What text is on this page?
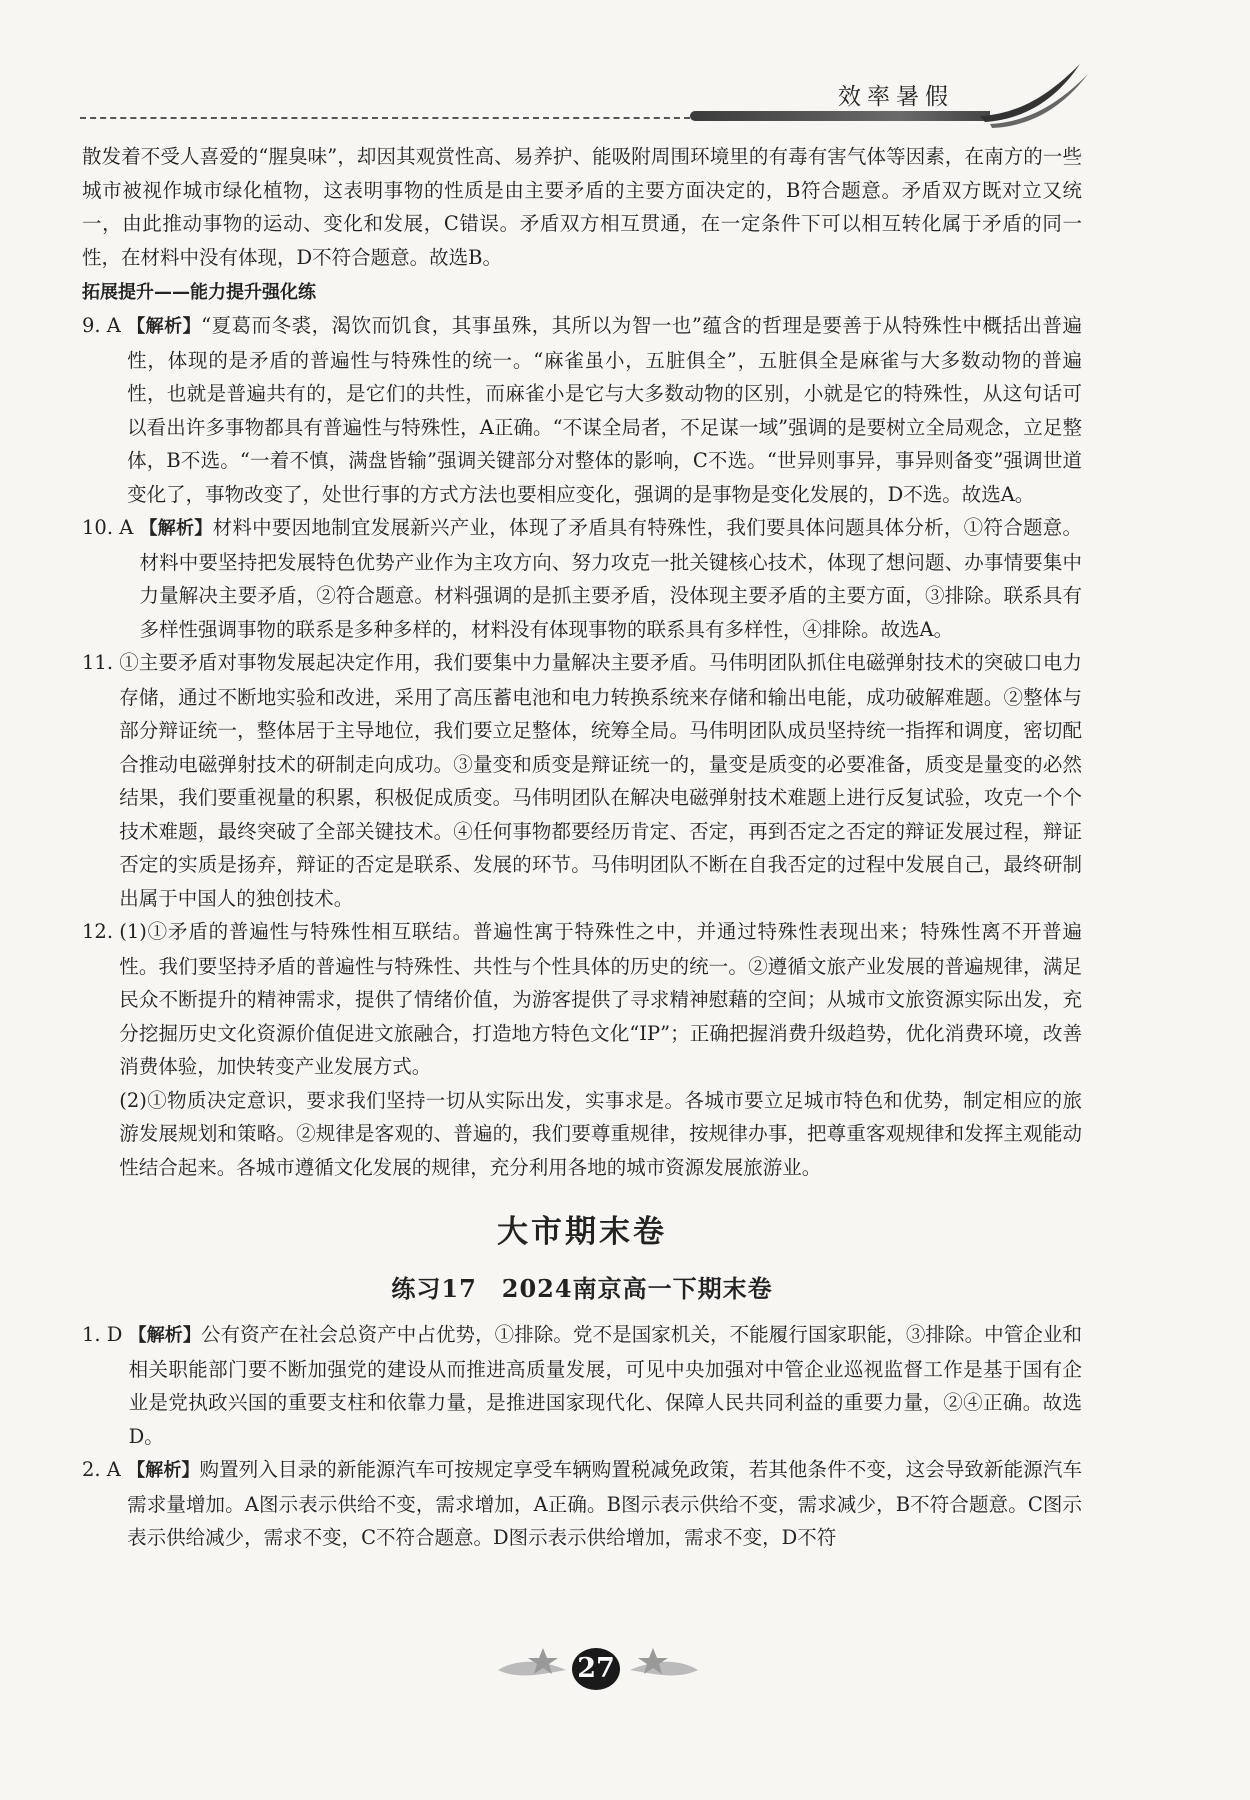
效率暑假

散发着不受人喜爱的“腥臭味”，却因其观赏性高、易养护、能吸附周围环境里的有毒有害气体等因素，在南方的一些城市被视作城市绿化植物，这表明事物的性质是由主要矛盾的主要方面决定的，B符合题意。矛盾双方既对立又统一，由此推动事物的运动、变化和发展，C错误。矛盾双方相互贯通，在一定条件下可以相互转化属于矛盾的同一性，在材料中没有体现，D不符合题意。故选B。

拓展提升——能力提升强化练
9. A 【解析】“夏葛而冬裘，渴饮而饥食，其事虽殊，其所以为智一也”蕴含的哲理是要善于从特殊性中概括出普遍性，体现的是矛盾的普遍性与特殊性的统一。“麻雀虽小，五脏俱全”，五脏俱全是麻雀与大多数动物的普遍性，也就是普遍共有的，是它们的共性，而麻雀小是它与大多数动物的区别，小就是它的特殊性，从这句话可以看出许多事物都具有普遍性与特殊性，A正确。“不谋全局者，不足谋一域”强调的是要树立全局观念，立足整体，B不选。“一着不慎，满盘皆输”强调关键部分对整体的影响，C不选。“世异则事异，事异则备变”强调世道变化了，事物改变了，处世行事的方式方法也要相应变化，强调的是事物是变化发展的，D不选。故选A。
10. A 【解析】材料中要因地制宜发展新兴产业，体现了矛盾具有特殊性，我们要具体问题具体分析，①符合题意。材料中要坚持把发展特色优势产业作为主攻方向、努力攻克一批关键核心技术，体现了想问题、办事情要集中力量解决主要矛盾，②符合题意。材料强调的是抓主要矛盾，没体现主要矛盾的主要方面，③排除。联系具有多样性强调事物的联系是多种多样的，材料没有体现事物的联系具有多样性，④排除。故选A。
11. ①主要矛盾对事物发展起决定作用，我们要集中力量解决主要矛盾。马伟明团队抓住电磁弹射技术的突破口电力存储，通过不断地实验和改进，采用了高压蓄电池和电力转换系统来存储和输出电能，成功破解难题。②整体与部分辩证统一，整体居于主导地位，我们要立足整体，统筹全局。马伟明团队成员坚持统一指挥和调度，密切配合推动电磁弹射技术的研制走向成功。③量变和质变是辩证统一的，量变是质变的必要准备，质变是量变的必然结果，我们要重视量的积累，积极促成质变。马伟明团队在解决电磁弹射技术难题上进行反复试验，攻克一个个技术难题，最终突破了全部关键技术。④任何事物都要经历肯定、否定，再到否定之否定的辩证发展过程，辩证否定的实质是扬弃，辩证的否定是联系、发展的环节。马伟明团队不断在自我否定的过程中发展自己，最终研制出属于中国人的独创技术。
12. (1)①矛盾的普遍性与特殊性相互联结。普遍性寓于特殊性之中，并通过特殊性表现出来；特殊性离不开普遍性。我们要坚持矛盾的普遍性与特殊性、共性与个性具体的历史的统一。②遵循文旅产业发展的普遍规律，满足民众不断提升的精神需求，提供了情绪价值，为游客提供了寻求精神慰藉的空间；从城市文旅资源实际出发，充分挖掘历史文化资源价值促进文旅融合，打造地方特色文化“IP”；正确把握消费升级趋势，优化消费环境，改善消费体验，加快转变产业发展方式。

(2)①物质决定意识，要求我们坚持一切从实际出发，实事求是。各城市要立足城市特色和优势，制定相应的旅游发展规划和策略。②规律是客观的、普遍的，我们要尊重规律，按规律办事，把尊重客观规律和发挥主观能动性结合起来。各城市遵循文化发展的规律，充分利用各地的城市资源发展旅游业。

大市期末卷
练习17　2024南京高一下期末卷
1. D 【解析】公有资产在社会总资产中占优势，①排除。党不是国家机关，不能履行国家职能，③排除。中管企业和相关职能部门要不断加强党的建设从而推进高质量发展，可见中央加强对中管企业巡视监督工作是基于国有企业是党执政兴国的重要支柱和依靠力量，是推进国家现代化、保障人民共同利益的重要力量，②④正确。故选D。
2. A 【解析】购置列入目录的新能源汽车可按规定享受车辆购置税减免政策，若其他条件不变，这会导致新能源汽车需求量增加。A图示表示供给不变，需求增加，A正确。B图示表示供给不变，需求减少，B不符合题意。C图示表示供给减少，需求不变，C不符合题意。D图示表示供给增加，需求不变，D不符
27
